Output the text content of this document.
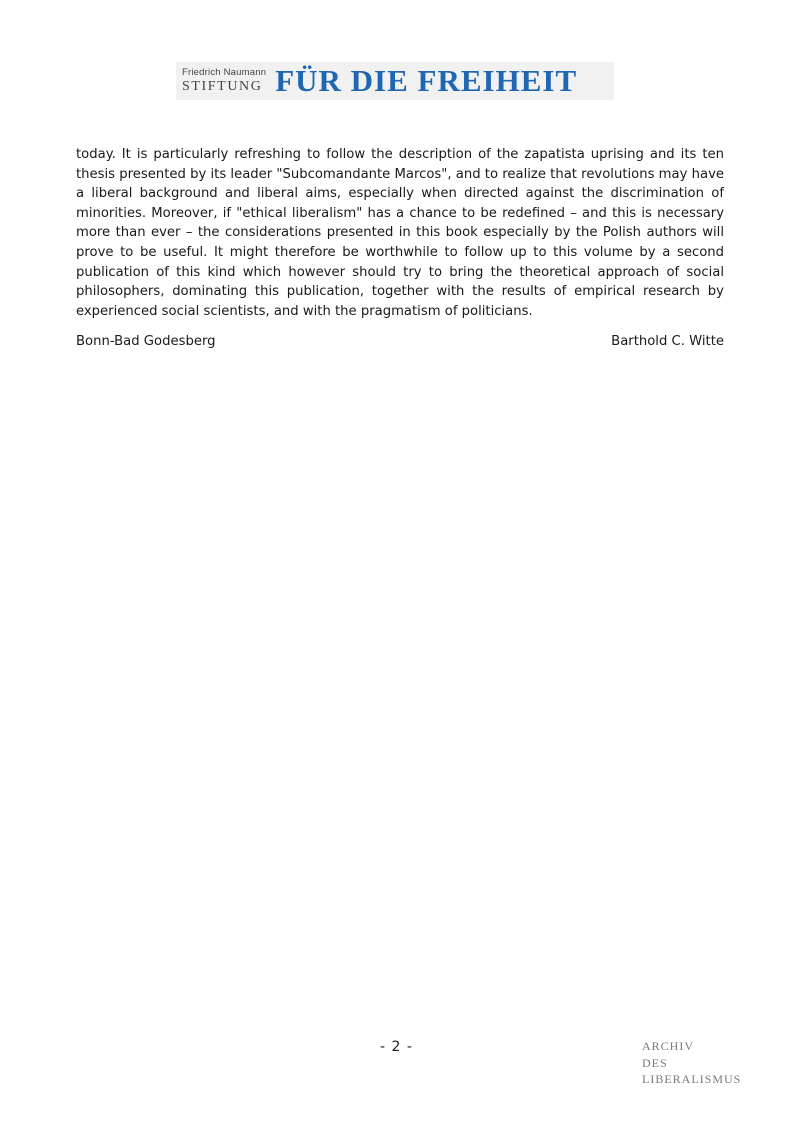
Friedrich Naumann
STIFTUNG FÜR DIE FREIHEIT

today. It is particularly refreshing to follow the description of the zapatista uprising and its ten thesis presented by its leader "Subcomandante Marcos", and to realize that revolutions may have a liberal background and liberal aims, especially when directed against the discrimination of minorities. Moreover, if "ethical liberalism" has a chance to be redefined – and this is necessary more than ever – the considerations presented in this book especially by the Polish authors will prove to be useful. It might therefore be worthwhile to follow up to this volume by a second publication of this kind which however should try to bring the theoretical approach of social philosophers, dominating this publication, together with the results of empirical research by experienced social scientists, and with the pragmatism of politicians.

Bonn-Bad Godesberg	Barthold C. Witte
- 2 -	ARCHIV
DES
LIBERALISMUS
